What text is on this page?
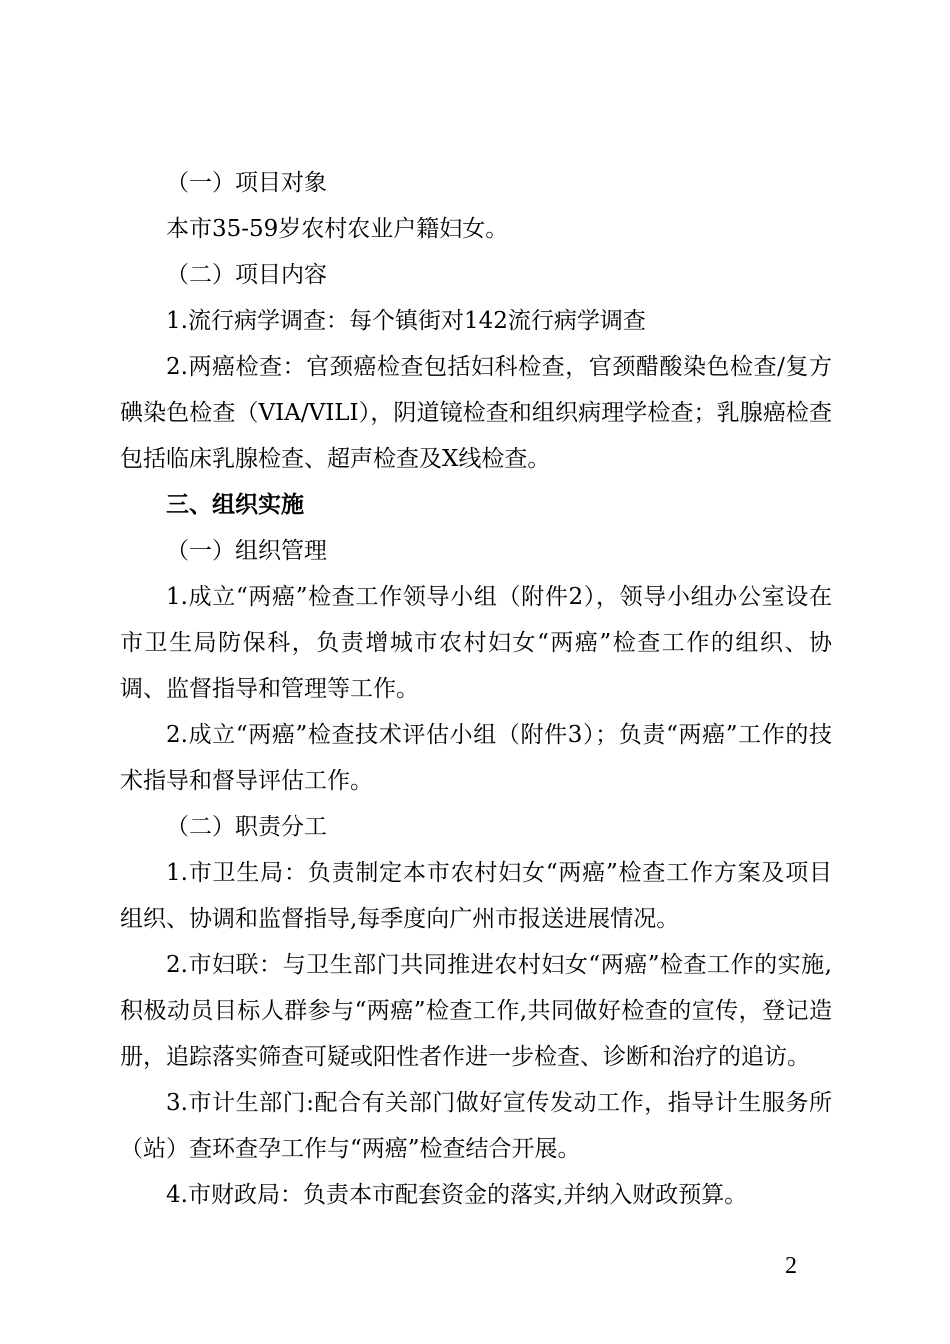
（一）项目对象

本市35-59岁农村农业户籍妇女。

（二）项目内容

1.流行病学调查：每个镇街对142流行病学调查

2.两癌检查：官颈癌检查包括妇科检查，官颈醋酸染色检查/复方碘染色检查（VIA/VILI），阴道镜检查和组织病理学检查；乳腺癌检查包括临床乳腺检查、超声检查及X线检查。

三、组织实施

（一）组织管理

1.成立“两癌”检查工作领导小组（附件2），领导小组办公室设在市卫生局防保科，负责增城市农村妇女“两癌”检查工作的组织、协调、监督指导和管理等工作。

2.成立“两癌”检查技术评估小组（附件3）；负责“两癌”工作的技术指导和督导评估工作。

（二）职责分工

1.市卫生局：负责制定本市农村妇女“两癌”检查工作方案及项目组织、协调和监督指导,每季度向广州市报送进展情况。

2.市妇联：与卫生部门共同推进农村妇女“两癌”检查工作的实施,积极动员目标人群参与“两癌”检查工作,共同做好检查的宣传，登记造册，追踪落实筛查可疑或阳性者作进一步检查、诊断和治疗的追访。

3.市计生部门:配合有关部门做好宣传发动工作，指导计生服务所（站）查环查孕工作与“两癌”检查结合开展。

4.市财政局：负责本市配套资金的落实,并纳入财政预算。

2
